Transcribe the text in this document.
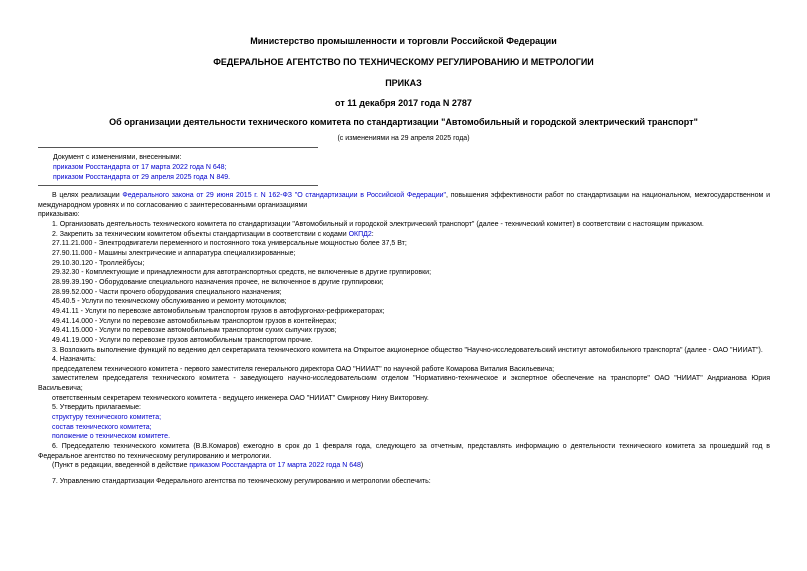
Министерство промышленности и торговли Российской Федерации
ФЕДЕРАЛЬНОЕ АГЕНТСТВО ПО ТЕХНИЧЕСКОМУ РЕГУЛИРОВАНИЮ И МЕТРОЛОГИИ
ПРИКАЗ
от 11 декабря 2017 года N 2787
Об организации деятельности технического комитета по стандартизации "Автомобильный и городской электрический транспорт"
(с изменениями на 29 апреля 2025 года)
Документ с изменениями, внесенными:
приказом Росстандарта от 17 марта 2022 года N 648;
приказом Росстандарта от 29 апреля 2025 года N 849.

В целях реализации Федерального закона от 29 июня 2015 г. N 162-ФЗ "О стандартизации в Российской Федерации", повышения эффективности работ по стандартизации на национальном, межгосударственном и международном уровнях и по согласованию с заинтересованными организациями

приказываю:

1. Организовать деятельность технического комитета по стандартизации "Автомобильный и городской электрический транспорт" (далее - технический комитет) в соответствии с настоящим приказом.

2. Закрепить за техническим комитетом объекты стандартизации в соответствии с кодами ОКПД2:

27.11.21.000 - Электродвигатели переменного и постоянного тока универсальные мощностью более 37,5 Вт;

27.90.11.000 - Машины электрические и аппаратура специализированные;

29.10.30.120 - Троллейбусы;

29.32.30 - Комплектующие и принадлежности для автотранспортных средств, не включенные в другие группировки;

28.99.39.190 - Оборудование специального назначения прочее, не включенное в другие группировки;

28.99.52.000 - Части прочего оборудования специального назначения;

45.40.5 - Услуги по техническому обслуживанию и ремонту мотоциклов;

49.41.11 - Услуги по перевозке автомобильным транспортом грузов в автофургонах-рефрижераторах;

49.41.14.000 - Услуги по перевозке автомобильным транспортом грузов в контейнерах;

49.41.15.000 - Услуги по перевозке автомобильным транспортом сухих сыпучих грузов;

49.41.19.000 - Услуги по перевозке грузов автомобильным транспортом прочие.

3. Возложить выполнение функций по ведению дел секретариата технического комитета на Открытое акционерное общество "Научно-исследовательский институт автомобильного транспорта" (далее - ОАО "НИИАТ").

4. Назначить:

председателем технического комитета - первого заместителя генерального директора ОАО "НИИАТ" по научной работе Комарова Виталия Васильевича;

заместителем председателя технического комитета - заведующего научно-исследовательским отделом "Нормативно-техническое и экспертное обеспечение на транспорте" ОАО "НИИАТ" Андрианова Юрия Васильевича;

ответственным секретарем технического комитета - ведущего инженера ОАО "НИИАТ" Смирнову Нину Викторовну.

5. Утвердить прилагаемые:

структуру технического комитета;

состав технического комитета;

положение о техническом комитете.

6. Председателю технического комитета (В.В.Комаров) ежегодно в срок до 1 февраля года, следующего за отчетным, представлять информацию о деятельности технического комитета за прошедший год в Федеральное агентство по техническому регулированию и метрологии.

(Пункт в редакции, введенной в действие приказом Росстандарта от 17 марта 2022 года N 648)

7. Управлению стандартизации Федерального агентства по техническому регулированию и метрологии обеспечить:
